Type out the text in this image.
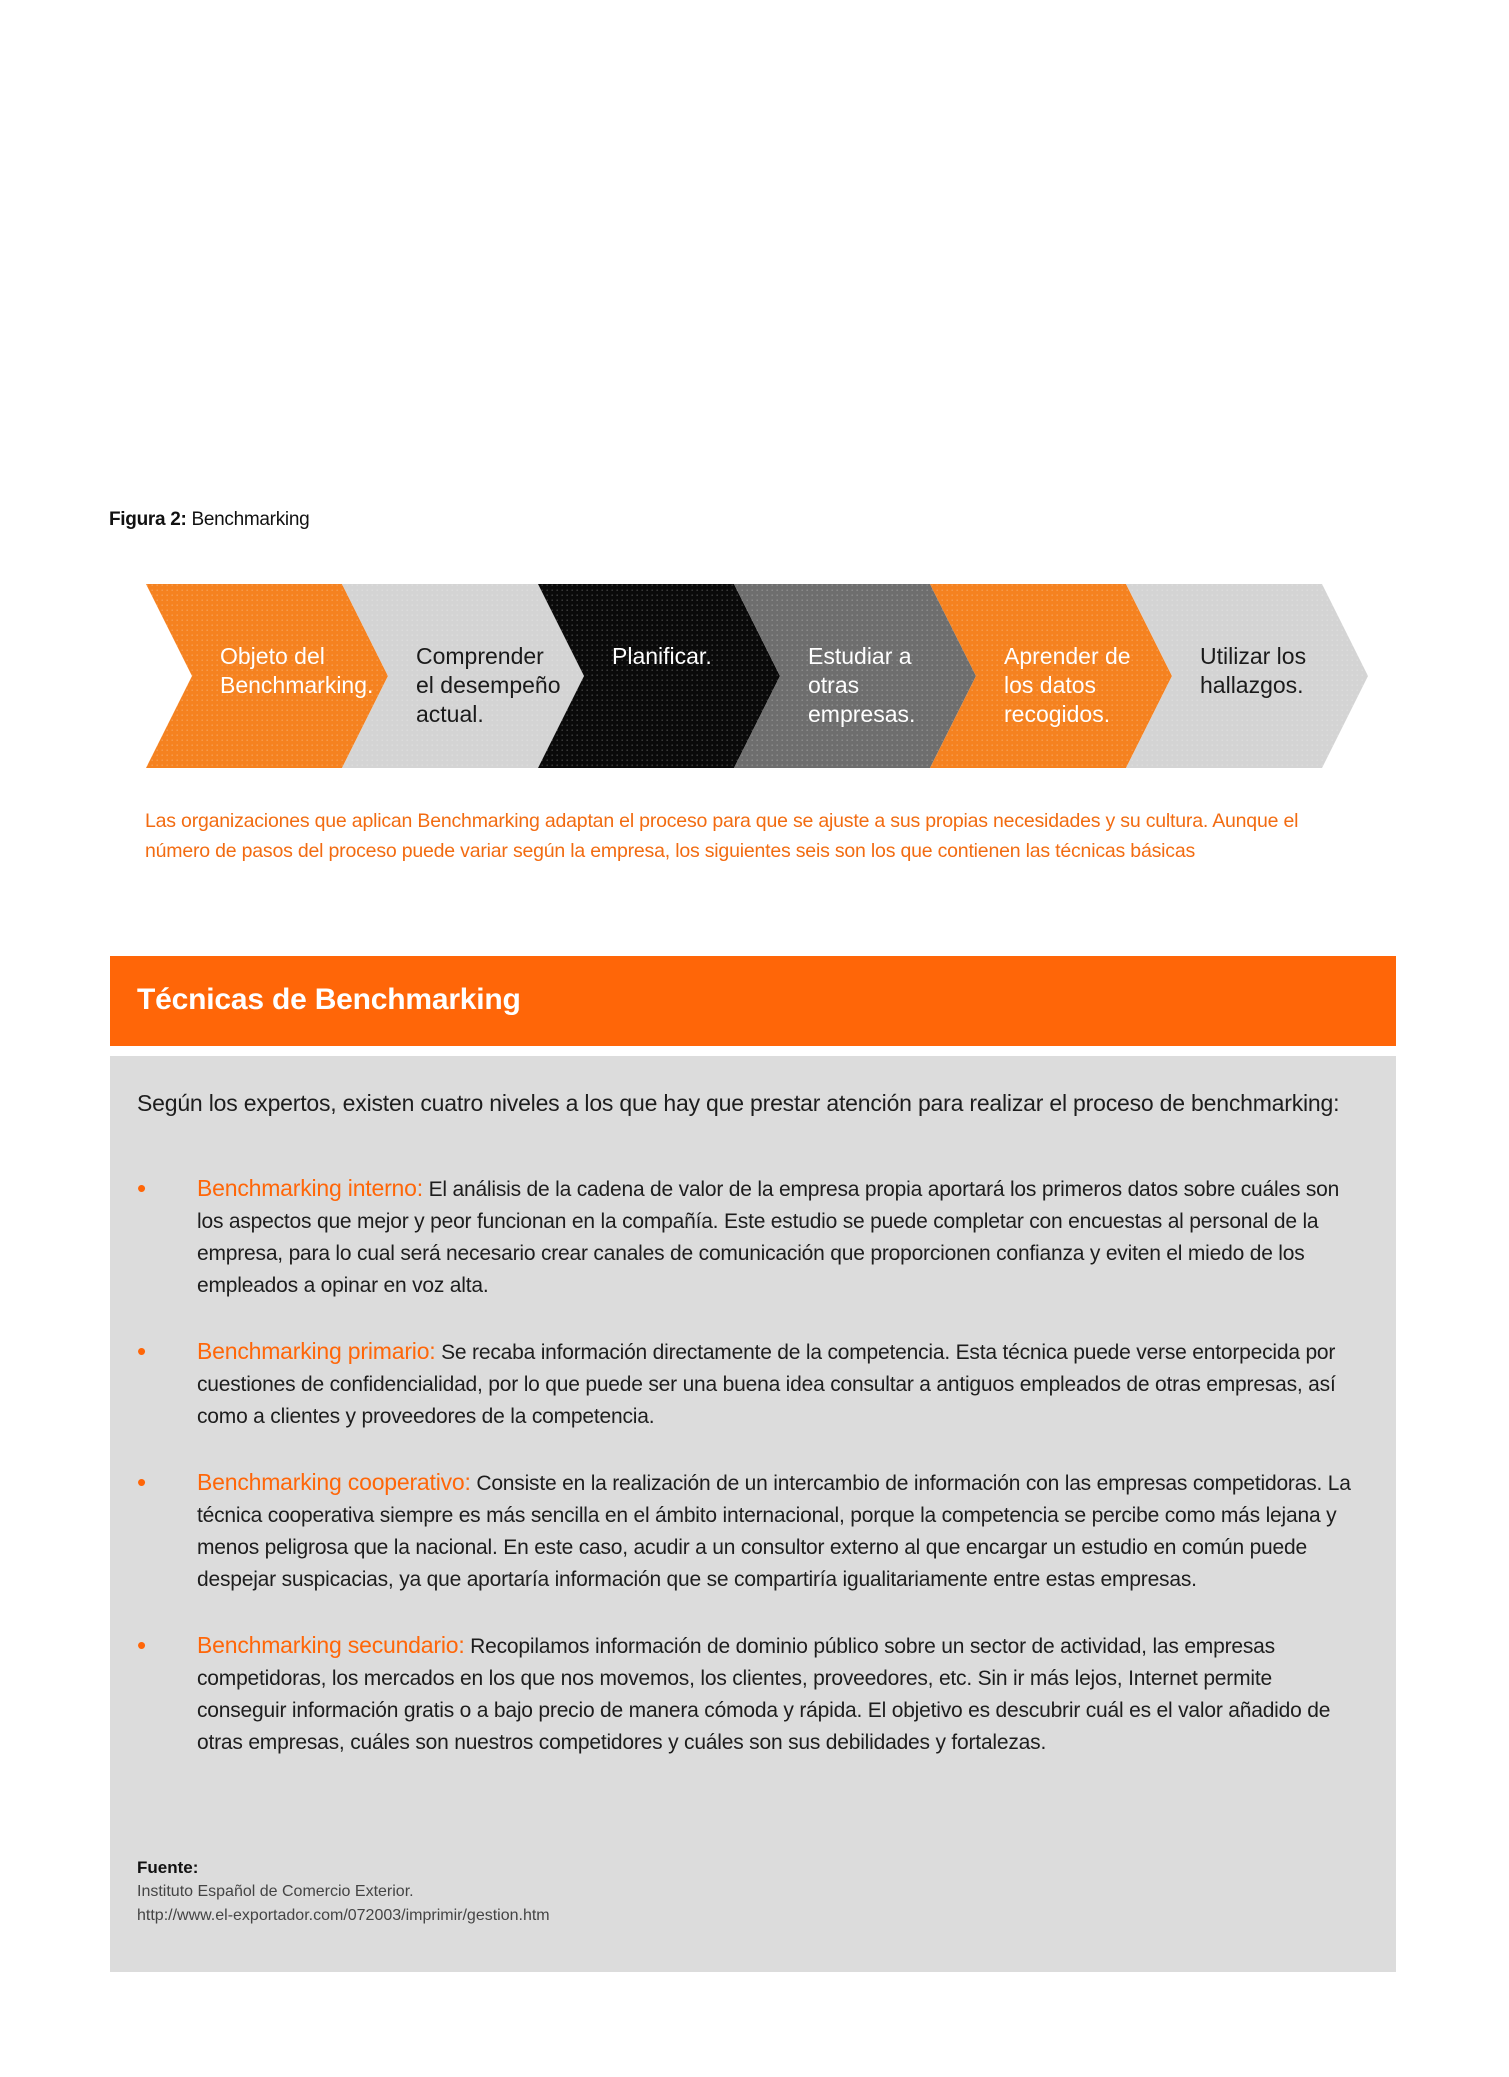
Figura 2: Benchmarking
Objeto del
Benchmarking.
Comprender
el desempeño
actual.
Planificar.	Estudiar a
otras
empresas.
Aprender de
los datos
recogidos.
Utilizar los
hallazgos.
Las organizaciones que aplican Benchmarking adaptan el proceso para que se ajuste a sus propias necesidades y su cultura. Aunque el número de pasos del proceso puede variar según la empresa, los siguientes seis son los que contienen las técnicas básicas
Técnicas de Benchmarking

Según los expertos, existen cuatro niveles a los que hay que prestar atención para realizar el proceso de benchmarking:

• Benchmarking interno: El análisis de la cadena de valor de la empresa propia aportará los primeros datos sobre cuáles son los aspectos que mejor y peor funcionan en la compañía. Este estudio se puede completar con encuestas al personal de la empresa, para lo cual será necesario crear canales de comunicación que proporcionen confianza y eviten el miedo de los empleados a opinar en voz alta.
• Benchmarking primario: Se recaba información directamente de la competencia. Esta técnica puede verse entorpecida por cuestiones de confidencialidad, por lo que puede ser una buena idea consultar a antiguos empleados de otras empresas, así como a clientes y proveedores de la competencia.
• Benchmarking cooperativo: Consiste en la realización de un intercambio de información con las empresas competidoras. La técnica cooperativa siempre es más sencilla en el ámbito internacional, porque la competencia se percibe como más lejana y menos peligrosa que la nacional. En este caso, acudir a un consultor externo al que encargar un estudio en común puede despejar suspicacias, ya que aportaría información que se compartiría igualitariamente entre estas empresas.
• Benchmarking secundario: Recopilamos información de dominio público sobre un sector de actividad, las empresas competidoras, los mercados en los que nos movemos, los clientes, proveedores, etc. Sin ir más lejos, Internet permite conseguir información gratis o a bajo precio de manera cómoda y rápida. El objetivo es descubrir cuál es el valor añadido de otras empresas, cuáles son nuestros competidores y cuáles son sus debilidades y fortalezas.
Fuente:
Instituto Español de Comercio Exterior.
http://www.el-exportador.com/072003/imprimir/gestion.htm
